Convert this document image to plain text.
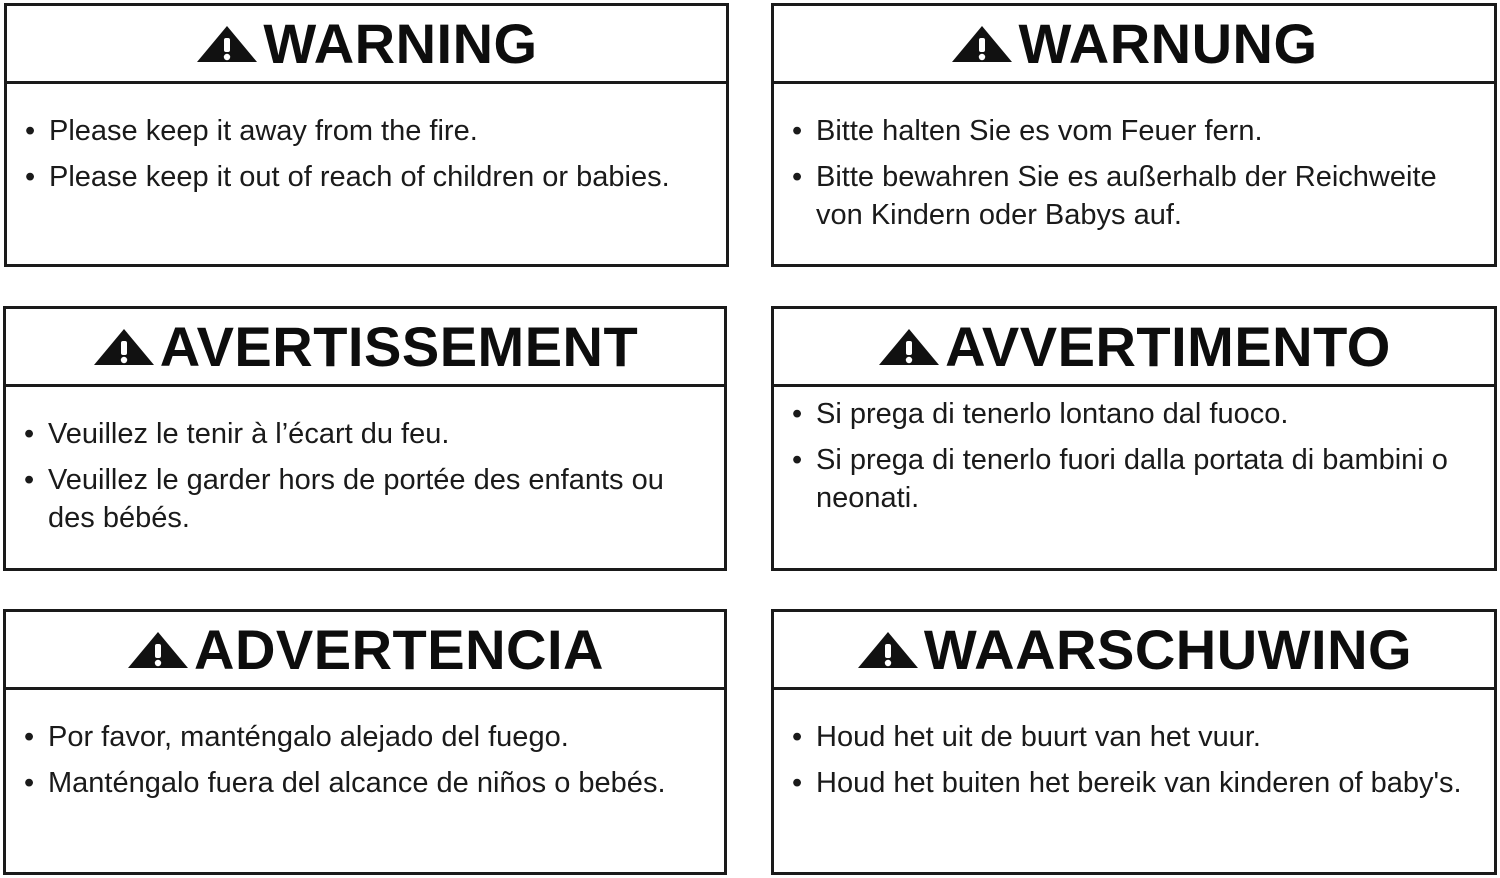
WARNING
• Please keep it away from the fire.
• Please keep it out of reach of children or babies.
WARNUNG
• Bitte halten Sie es vom Feuer fern.
• Bitte bewahren Sie es außerhalb der Reichweite von Kindern oder Babys auf.
AVERTISSEMENT
• Veuillez le tenir à l’écart du feu.
• Veuillez le garder hors de portée des enfants ou des bébés.
AVVERTIMENTO
• Si prega di tenerlo lontano dal fuoco.
• Si prega di tenerlo fuori dalla portata di bambini o neonati.
ADVERTENCIA
• Por favor, manténgalo alejado del fuego.
• Manténgalo fuera del alcance de niños o bebés.
WAARSCHUWING
• Houd het uit de buurt van het vuur.
• Houd het buiten het bereik van kinderen of baby's.
